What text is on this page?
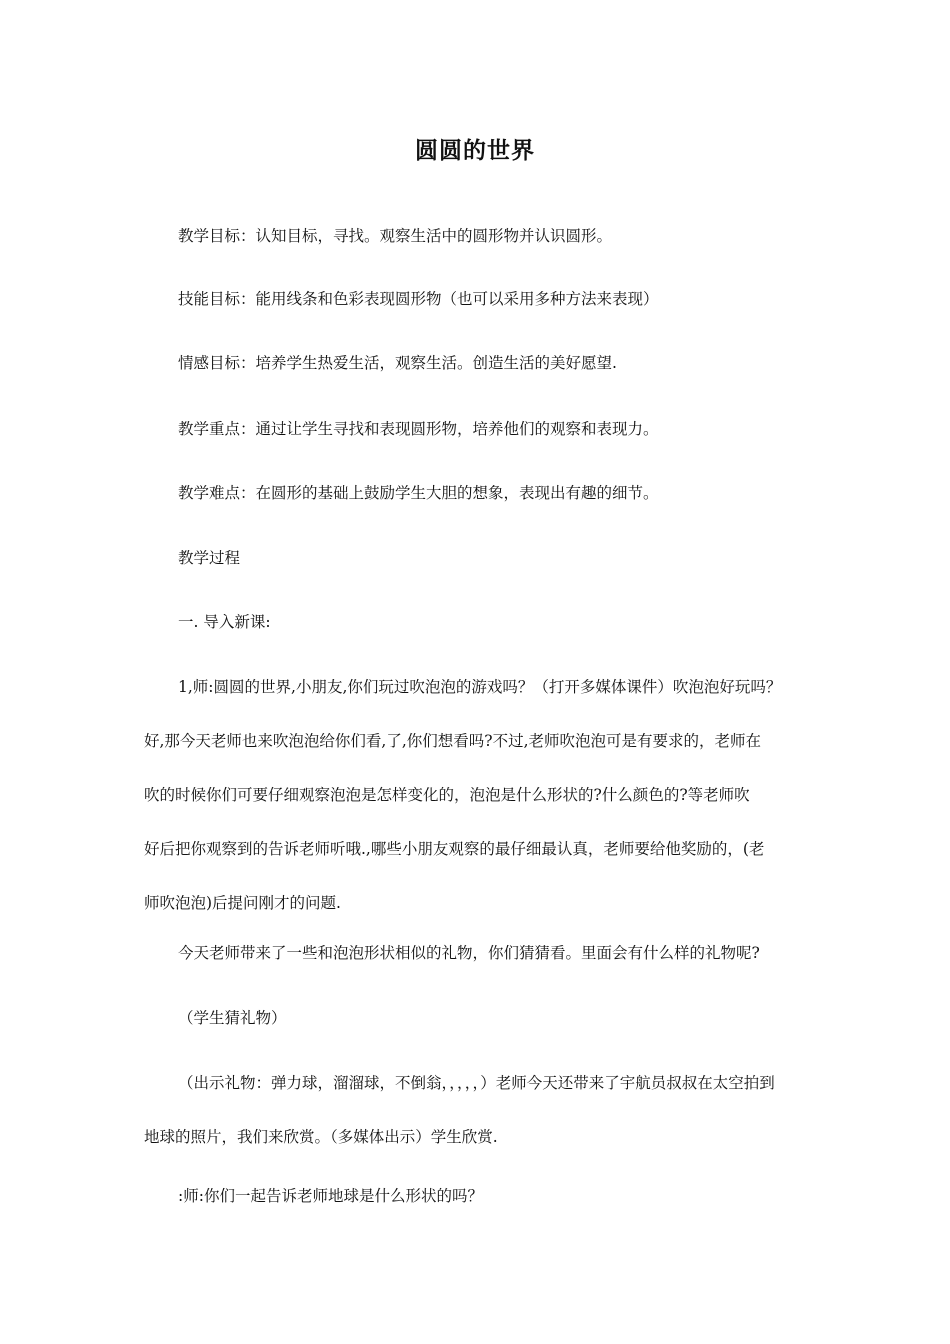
圆圆的世界
教学目标：认知目标，寻找。观察生活中的圆形物并认识圆形。
技能目标：能用线条和色彩表现圆形物（也可以采用多种方法来表现）
情感目标：培养学生热爱生活，观察生活。创造生活的美好愿望.
教学重点：通过让学生寻找和表现圆形物，培养他们的观察和表现力。
教学难点：在圆形的基础上鼓励学生大胆的想象，表现出有趣的细节。
教学过程
一. 导入新课:
1,师:圆圆的世界,小朋友,你们玩过吹泡泡的游戏吗？（打开多媒体课件）吹泡泡好玩吗？
好,那今天老师也来吹泡泡给你们看,了,你们想看吗?不过,老师吹泡泡可是有要求的，老师在
吹的时候你们可要仔细观察泡泡是怎样变化的，泡泡是什么形状的?什么颜色的?等老师吹
好后把你观察到的告诉老师听哦.,哪些小朋友观察的最仔细最认真，老师要给他奖励的，(老
师吹泡泡)后提问刚才的问题.
今天老师带来了一些和泡泡形状相似的礼物，你们猜猜看。里面会有什么样的礼物呢?
（学生猜礼物）
（出示礼物：弹力球，溜溜球，不倒翁，，，，，）老师今天还带来了宇航员叔叔在太空拍到
地球的照片，我们来欣赏。（多媒体出示）学生欣赏.
:师:你们一起告诉老师地球是什么形状的吗？
